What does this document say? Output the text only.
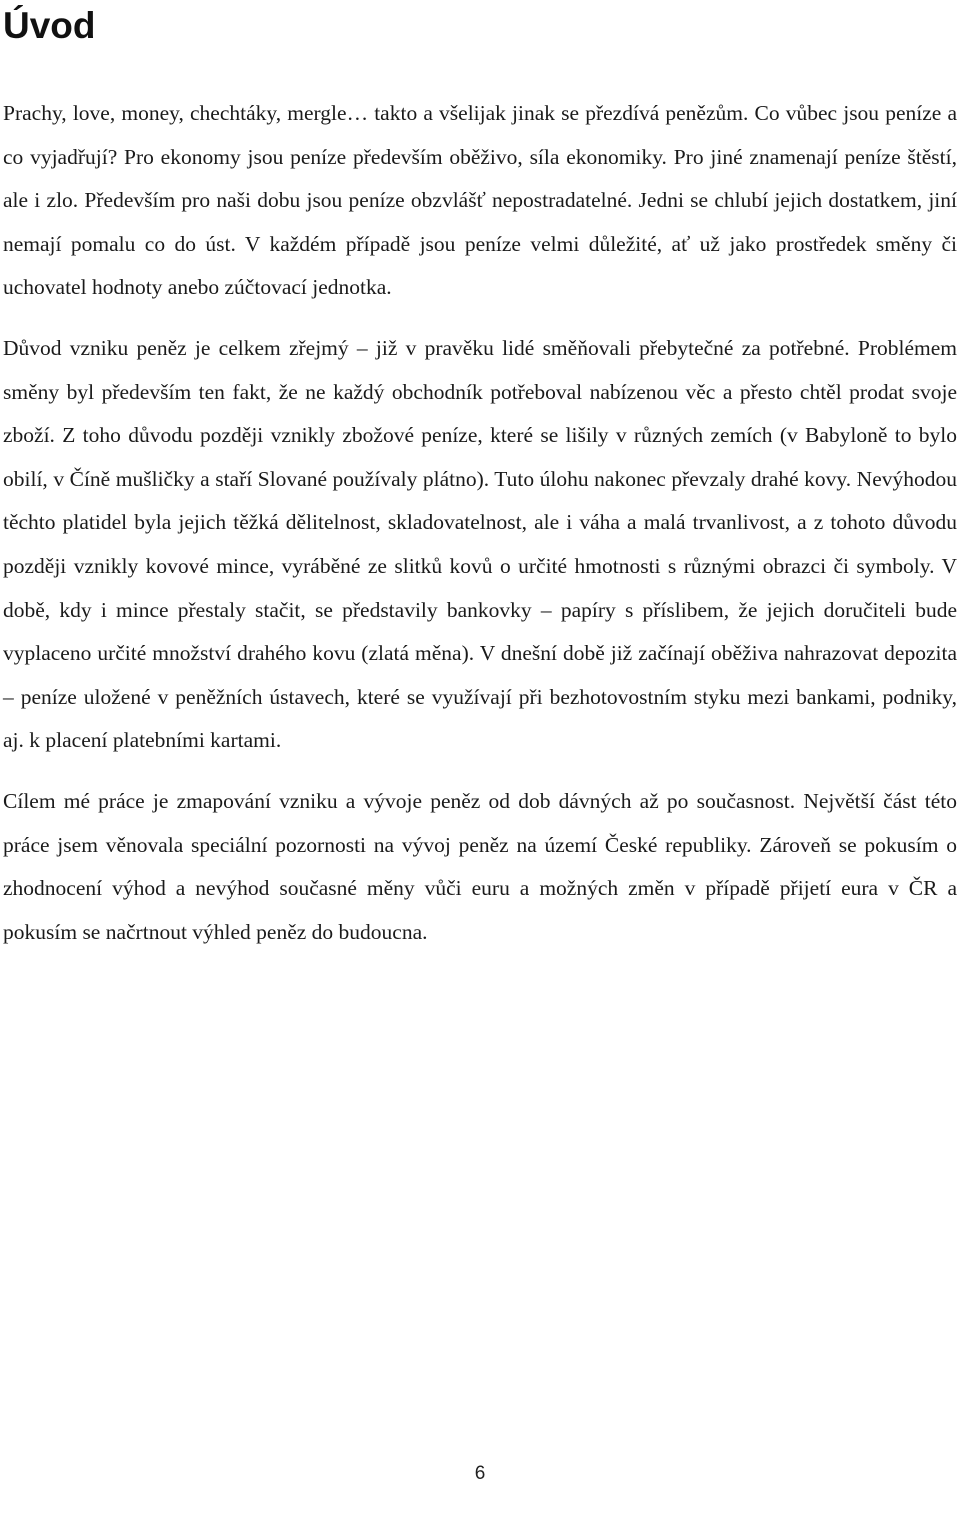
Úvod

Prachy, love, money, chechtáky, mergle… takto a všelijak jinak se přezdívá penězům. Co vůbec jsou peníze a co vyjadřují? Pro ekonomy jsou peníze především oběživo, síla ekonomiky. Pro jiné znamenají peníze štěstí, ale i zlo. Především pro naši dobu jsou peníze obzvlášť nepostradatelné. Jedni se chlubí jejich dostatkem, jiní nemají pomalu co do úst. V každém případě jsou peníze velmi důležité, ať už jako prostředek směny či uchovatel hodnoty anebo zúčtovací jednotka.

Důvod vzniku peněz je celkem zřejmý – již v pravěku lidé směňovali přebytečné za potřebné. Problémem směny byl především ten fakt, že ne každý obchodník potřeboval nabízenou věc a přesto chtěl prodat svoje zboží. Z toho důvodu později vznikly zbožové peníze, které se lišily v různých zemích (v Babyloně to bylo obilí, v Číně mušličky a staří Slované používaly plátno). Tuto úlohu nakonec převzaly drahé kovy. Nevýhodou těchto platidel byla jejich těžká dělitelnost, skladovatelnost, ale i váha a malá trvanlivost, a z tohoto důvodu později vznikly kovové mince, vyráběné ze slitků kovů o určité hmotnosti s různými obrazci či symboly. V době, kdy i mince přestaly stačit, se představily bankovky – papíry s příslibem, že jejich doručiteli bude vyplaceno určité množství drahého kovu (zlatá měna). V dnešní době již začínají oběživa nahrazovat depozita – peníze uložené v peněžních ústavech, které se využívají při bezhotovostním styku mezi bankami, podniky, aj. k placení platebními kartami.

Cílem mé práce je zmapování vzniku a vývoje peněz od dob dávných až po současnost. Největší část této práce jsem věnovala speciální pozornosti na vývoj peněz na území České republiky. Zároveň se pokusím o zhodnocení výhod a nevýhod současné měny vůči euru a možných změn v případě přijetí eura v ČR a pokusím se načrtnout výhled peněz do budoucna.

6
